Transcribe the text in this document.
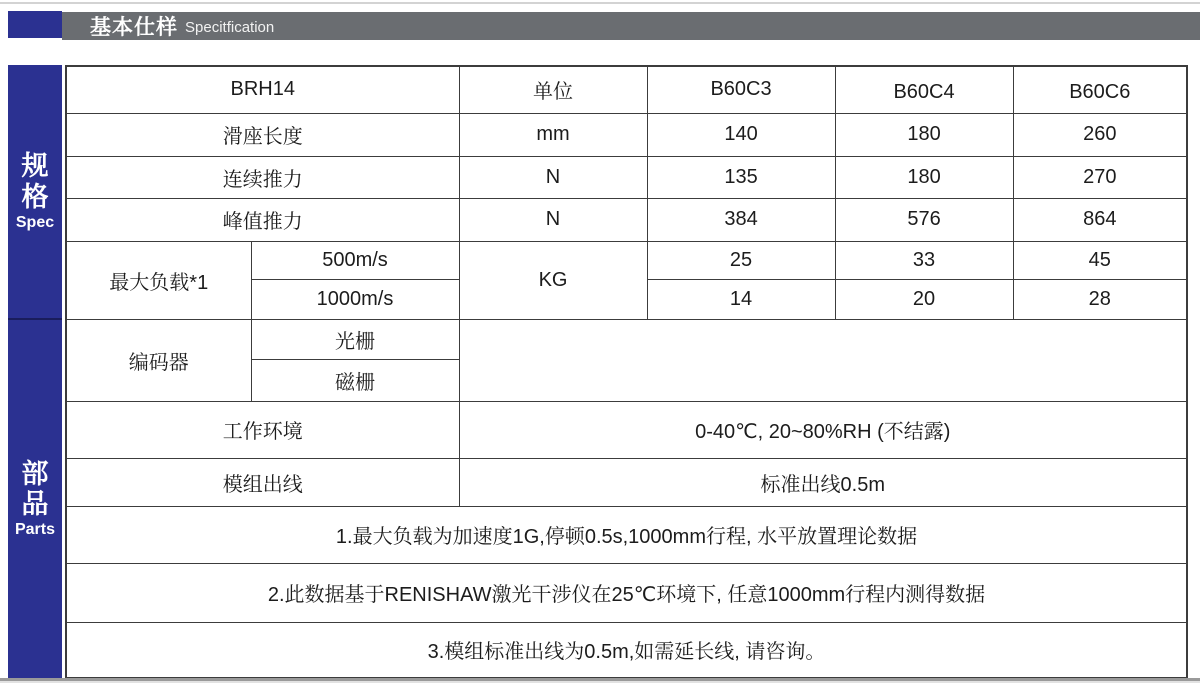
基本仕样 Specitfication
规格
Spec
部品
Parts
BRH14		单位	B60C3	B60C4	B60C6
滑座长度		mm	140	180	260
连续推力		N	135	180	270
峰值推力		N	384	576	864
最大负载*1	500m/s	KG	25	33	45
	1000m/s		14	20	28
编码器	光栅				
	磁栅				
工作环境		0-40℃, 20~80%RH (不结露)			
模组出线		标准出线0.5m			
1.最大负载为加速度1G,停顿0.5s,1000mm行程, 水平放置理论数据					
2.此数据基于RENISHAW激光干涉仪在25℃环境下, 任意1000mm行程内测得数据					
3.模组标准出线为0.5m,如需延长线, 请咨询。					
